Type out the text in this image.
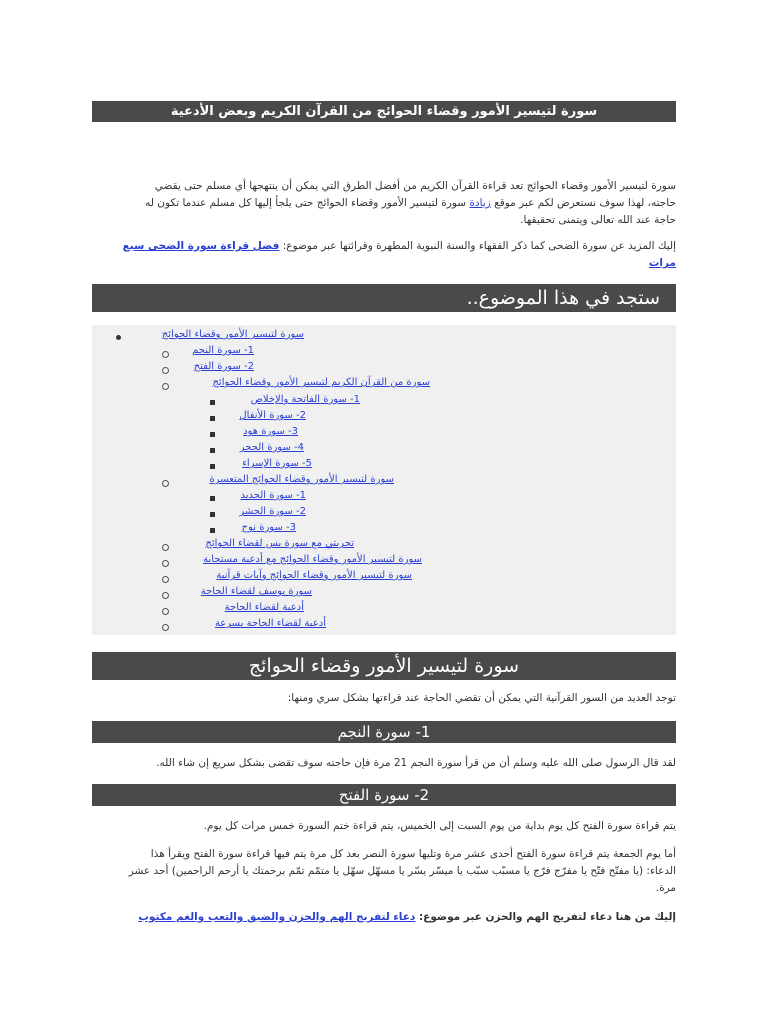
سورة لتيسير الأمور وقضاء الحوائج من القرآن الكريم وبعض الأدعية
سورة لتيسير الأمور وقضاء الحوائج تعد قراءة القرآن الكريم من أفضل الطرق التي يمكن أن ينتهجها أي مسلم حتى يقضي
حاجته، لهذا سوف نستعرض لكم عبر موقع زيادة سورة لتيسير الأمور وقضاء الحوائج حتى يلجأ إليها كل مسلم عندما تكون له
حاجة عند الله تعالى ويتمنى تحقيقها.
إليك المزيد عن سورة الضحى كما ذكر الفقهاء والسنة النبوية المطهرة وقرائتها عبر موضوع: فضل قراءة سورة الضحى سبع مرات
ستجد في هذا الموضوع..
سورة لتيسير الأمور وقضاء الحوائج
1- سورة النجم
2- سورة الفتح
سورة من القرآن الكريم لتيسير الأمور وقضاء الحوائج
1- سورة الفاتحة والإخلاص
2- سورة الأنفال
3- سورة هود
4- سورة الحجر
5- سورة الإسراء
سورة لتيسير الأمور وقضاء الحوائج المتعسرة
1- سورة الحديد
2- سورة الحشر
3- سورة نوح
تجربتي مع سورة يس لقضاء الحوائج
سورة لتيسير الأمور وقضاء الحوائج مع أدعية مستجابة
سورة لتيسير الأمور وقضاء الحوائج وآيات قرآنية
سورة يوسف لقضاء الحاجة
أدعية لقضاء الحاجة
أدعية لقضاء الحاجة بسرعة
سورة لتيسير الأمور وقضاء الحوائج
توجد العديد من السور القرآنية التي يمكن أن تقضي الحاجة عند قراءتها بشكل سري ومنها:
1- سورة النجم
لقد قال الرسول صلى الله عليه وسلم أن من قرأ سورة النجم 21 مرة فإن حاجته سوف تقضى بشكل سريع إن شاء الله.
2- سورة الفتح
يتم قراءة سورة الفتح كل يوم بداية من يوم السبت إلى الخميس، يتم قراءة ختم السورة خمس مرات كل يوم.
أما يوم الجمعة يتم قراءة سورة الفتح أحدى عشر مرة وتليها سورة النصر بعد كل مرة يتم فيها قراءة سورة الفتح ويقرأ هذا
الدعاء: (يا مفتّح فتّح يا مفرّج فرّج يا مسبّب سبّب يا ميسّر يسّر يا مسهّل سهّل يا متمّم تمّم برحمتك يا أرحم الراحمين) أحد عشر
مرة.
إليك من هنا دعاء لتفريج الهم والحزن عبر موضوع: دعاء لتفريج الهم والحزن والضيق والتعب والغم مكتوب
